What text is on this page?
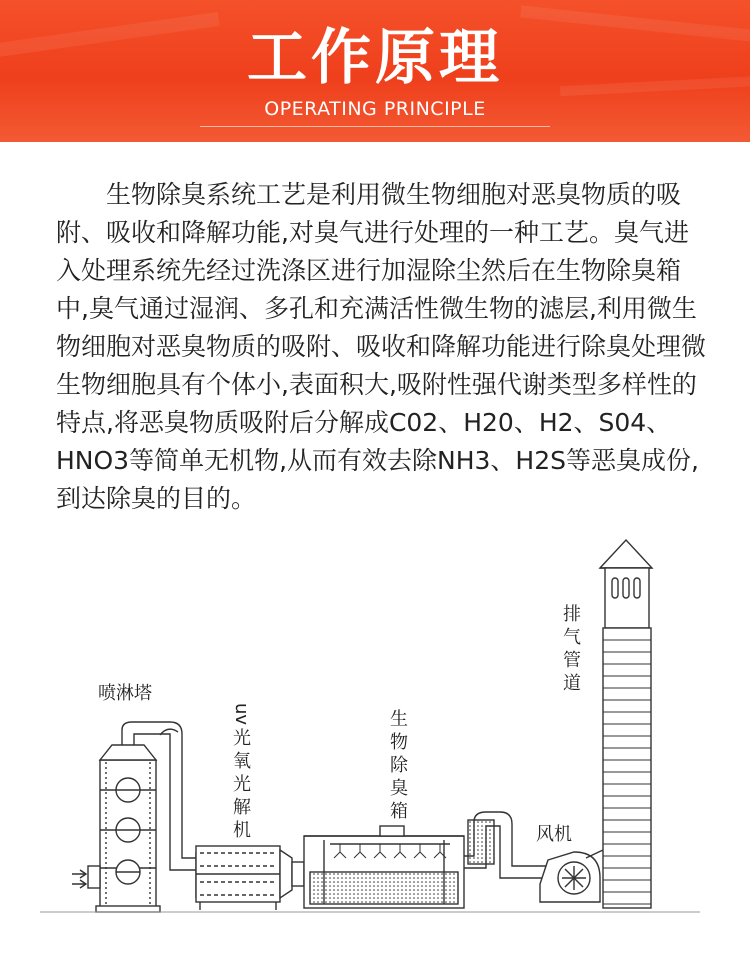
工作原理
OPERATING PRINCIPLE

生物除臭系统工艺是利用微生物细胞对恶臭物质的吸附、吸收和降解功能,对臭气进行处理的一种工艺。臭气进入处理系统先经过洗涤区进行加湿除尘然后在生物除臭箱中,臭气通过湿润、多孔和充满活性微生物的滤层,利用微生物细胞对恶臭物质的吸附、吸收和降解功能进行除臭处理微生物细胞具有个体小,表面积大,吸附性强代谢类型多样性的特点,将恶臭物质吸附后分解成C02、H20、H2、S04、HNO3等简单无机物,从而有效去除NH3、H2S等恶臭成份,到达除臭的目的。

喷淋塔
uv
光
氧
光
解
机
生
物
除
臭
箱
排
气
管
道
风机
